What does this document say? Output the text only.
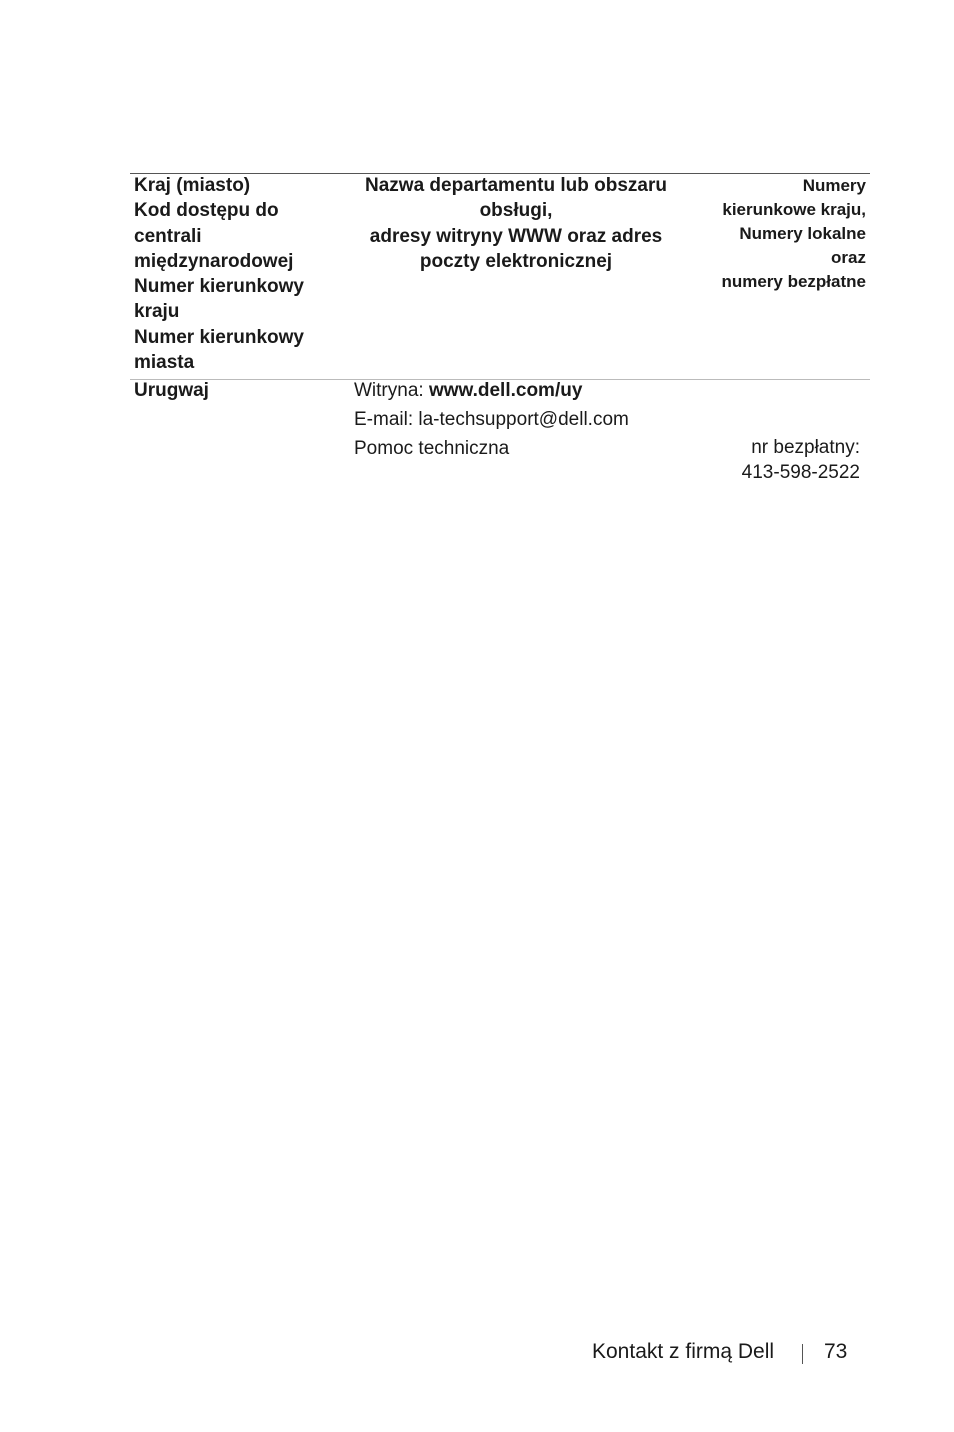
Kraj (miasto)
Kod dostępu do
centrali
międzynarodowej
Numer kierunkowy
kraju
Numer kierunkowy
miasta
Nazwa departamentu lub obszaru
obsługi,
adresy witryny WWW oraz adres
poczty elektronicznej
Numery
kierunkowe kraju,
Numery lokalne
oraz
numery bezpłatne
Urugwaj	Witryna: www.dell.com/uy
E-mail: la-techsupport@dell.com
Pomoc techniczna	nr bezpłatny:
413-598-2522
Kontakt z firmą Dell 73
